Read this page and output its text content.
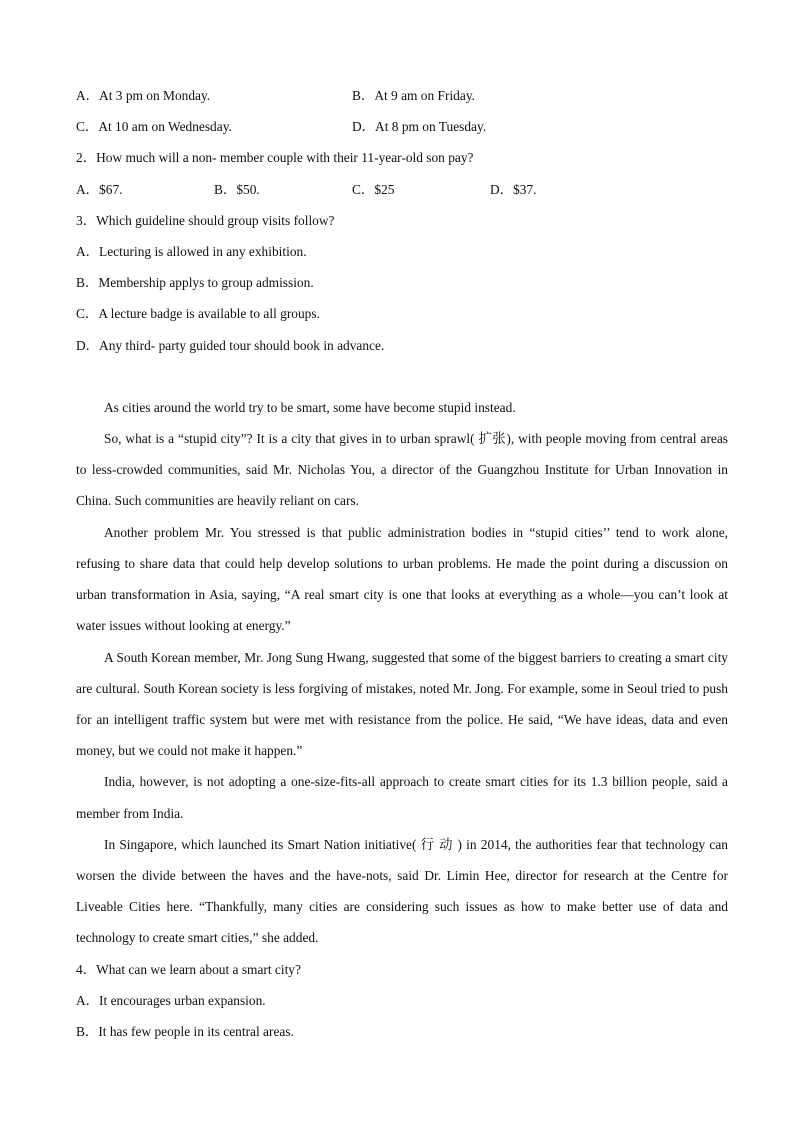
A．At 3 pm on Monday.	B．At 9 am on Friday.
C．At 10 am on Wednesday.	D．At 8 pm on Tuesday.
2．How much will a non- member couple with their 11-year-old son pay?
A．$67.	B．$50.	C．$25	D．$37.
3．Which guideline should group visits follow?
A．Lecturing is allowed in any exhibition.
B．Membership applys to group admission.
C．A lecture badge is available to all groups.
D．Any third- party guided tour should book in advance.

As cities around the world try to be smart, some have become stupid instead.

So, what is a “stupid city”? It is a city that gives in to urban sprawl( 扩张), with people moving from central areas to less-crowded communities, said Mr. Nicholas You, a director of the Guangzhou Institute for Urban Innovation in China. Such communities are heavily reliant on cars.

Another problem Mr. You stressed is that public administration bodies in “stupid cities’’ tend to work alone, refusing to share data that could help develop solutions to urban problems. He made the point during a discussion on urban transformation in Asia, saying, “A real smart city is one that looks at everything as a whole—you can’t look at water issues without looking at energy.”

A South Korean member, Mr. Jong Sung Hwang, suggested that some of the biggest barriers to creating a smart city are cultural. South Korean society is less forgiving of mistakes, noted Mr. Jong. For example, some in Seoul tried to push for an intelligent traffic system but were met with resistance from the police. He said, “We have ideas, data and even money, but we could not make it happen.”

India, however, is not adopting a one-size-fits-all approach to create smart cities for its 1.3 billion people, said a member from India.

In Singapore, which launched its Smart Nation initiative( 行 动 ) in 2014, the authorities fear that technology can worsen the divide between the haves and the have-nots, said Dr. Limin Hee, director for research at the Centre for Liveable Cities here. “Thankfully, many cities are considering such issues as how to make better use of data and technology to create smart cities,” she added.

4．What can we learn about a smart city?
A．It encourages urban expansion.
B．It has few people in its central areas.
